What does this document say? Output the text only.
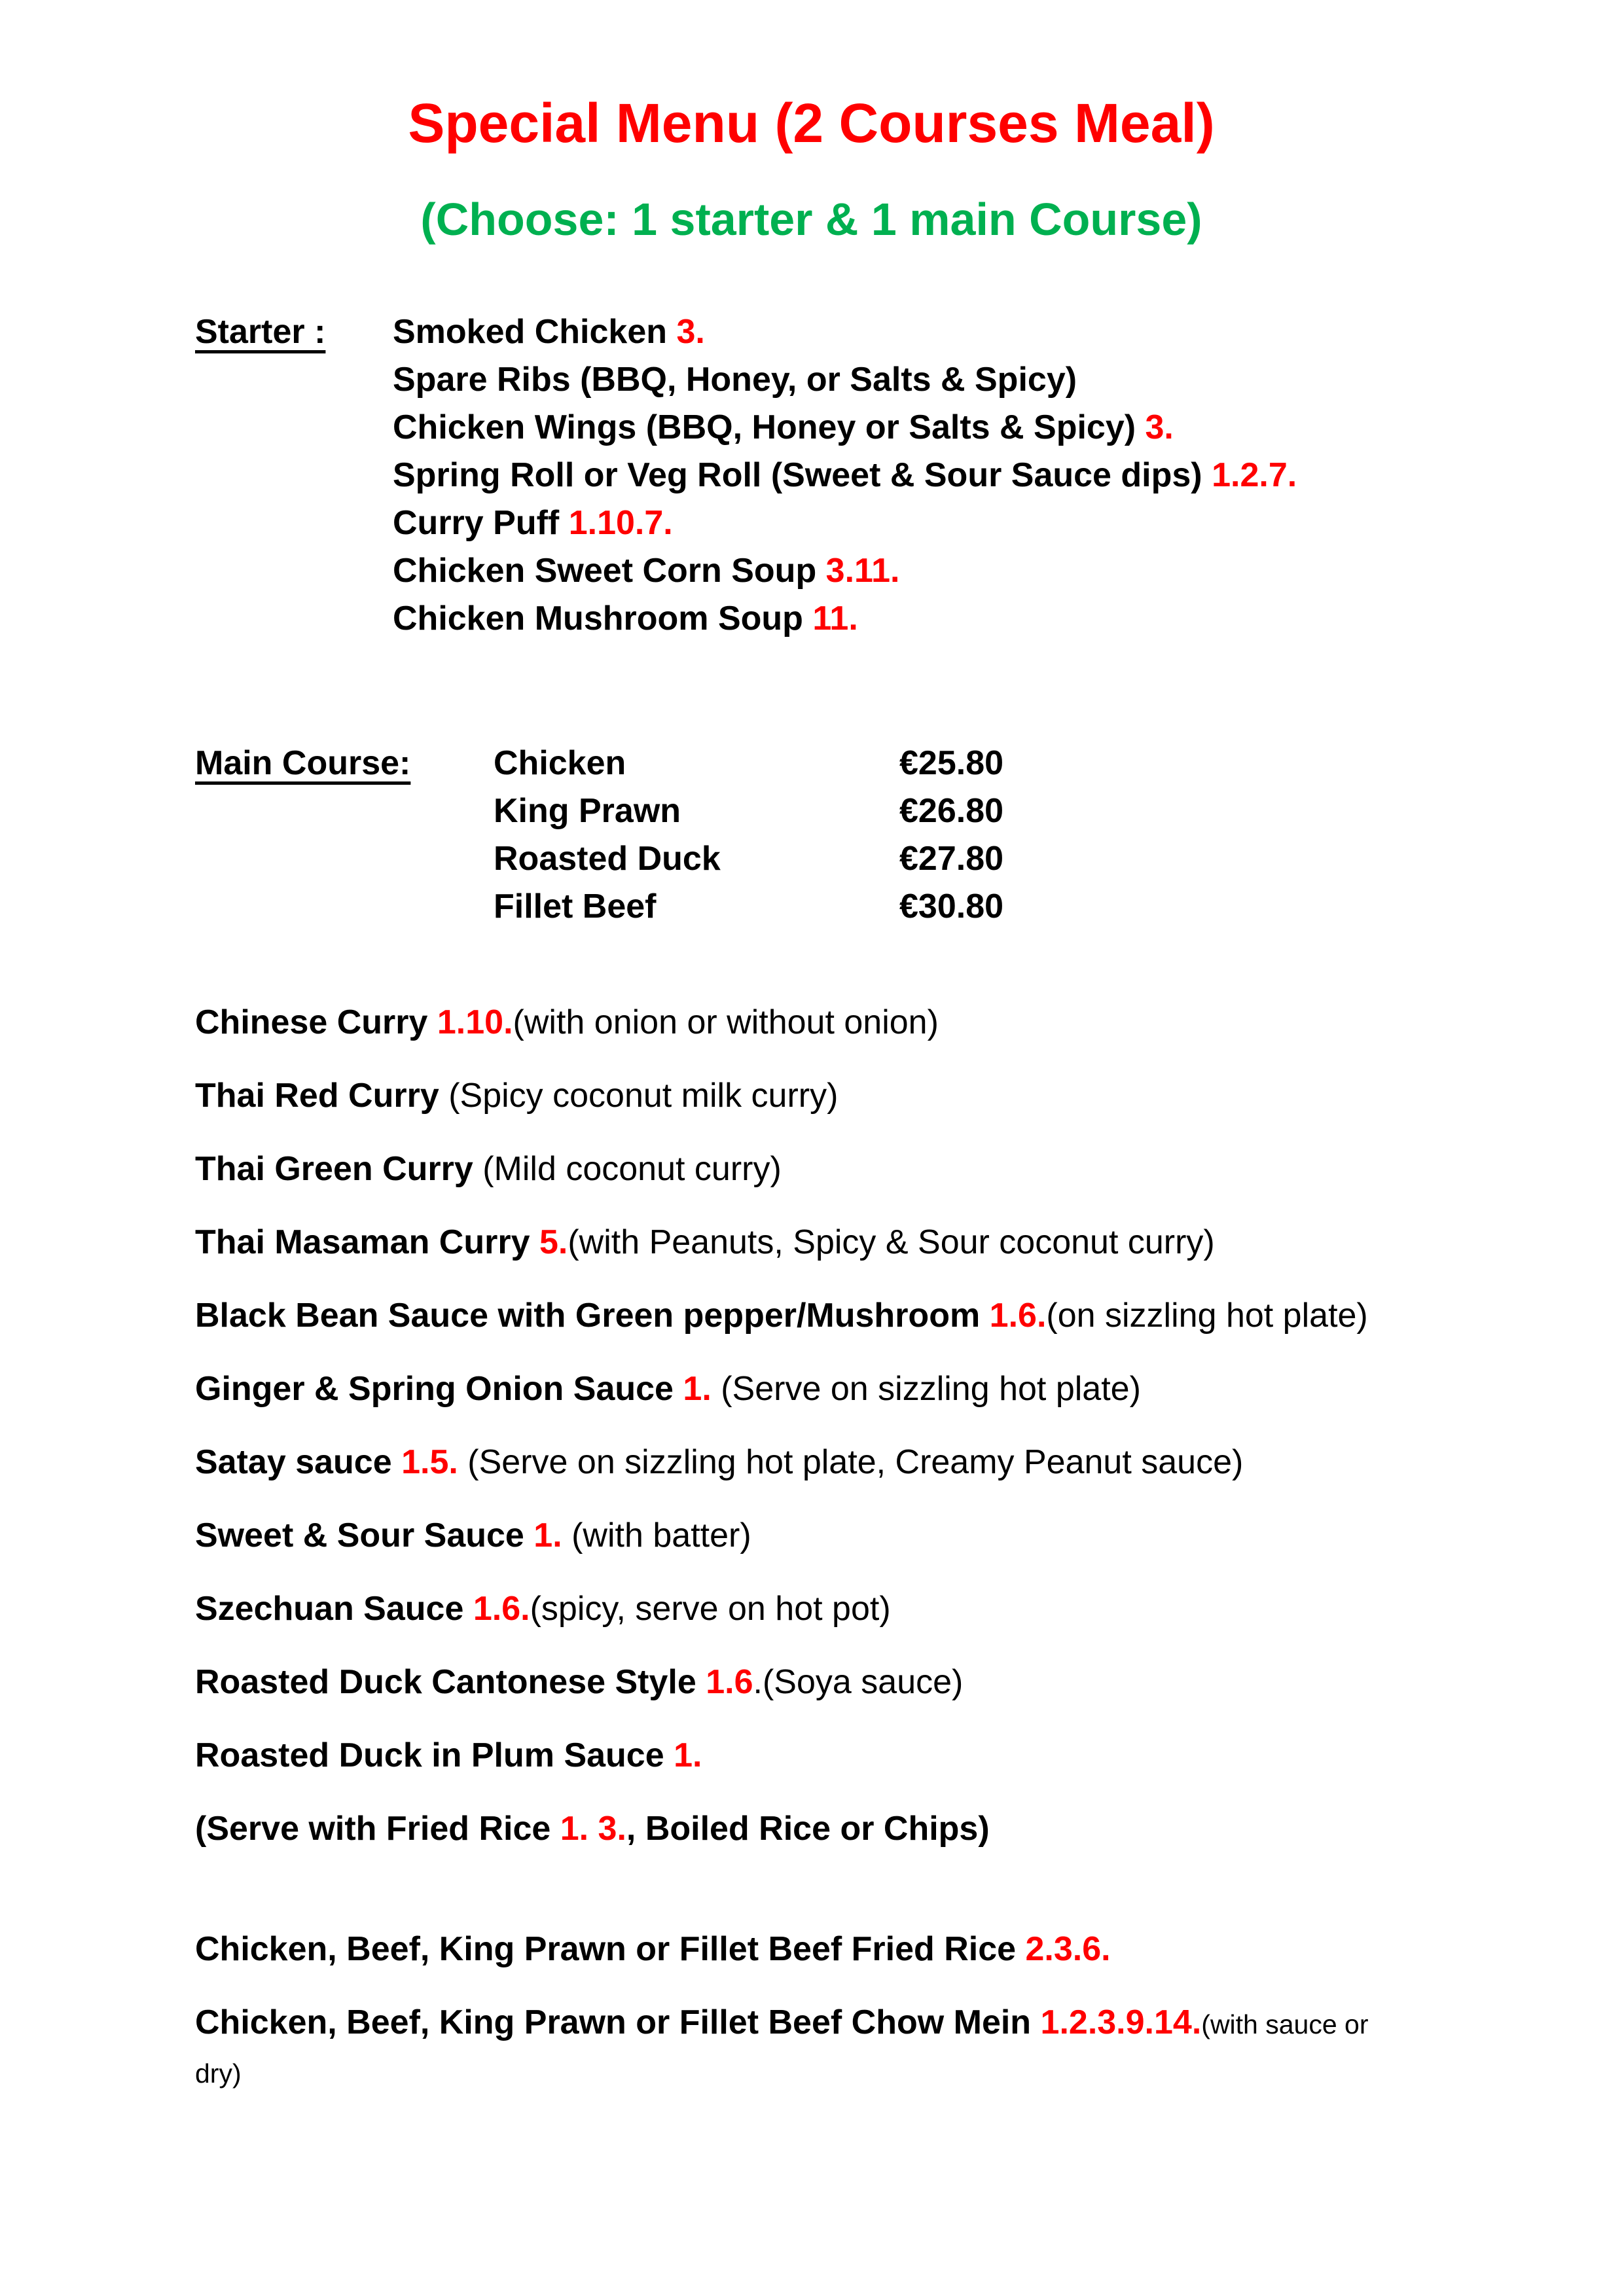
Special Menu (2 Courses Meal)
(Choose: 1 starter & 1 main Course)
Starter :	Smoked Chicken 3.
Spare Ribs (BBQ, Honey, or Salts & Spicy)
Chicken Wings (BBQ, Honey or Salts & Spicy) 3.
Spring Roll or Veg Roll (Sweet & Sour Sauce dips) 1.2.7.
Curry Puff 1.10.7.
Chicken Sweet Corn Soup 3.11.
Chicken Mushroom Soup 11.
Main Course:	Chicken	€25.80
King Prawn	€26.80
Roasted Duck	€27.80
Fillet Beef	€30.80

Chinese Curry 1.10.(with onion or without onion)

Thai Red Curry (Spicy coconut milk curry)

Thai Green Curry (Mild coconut curry)

Thai Masaman Curry 5.(with Peanuts, Spicy & Sour coconut curry)

Black Bean Sauce with Green pepper/Mushroom 1.6.(on sizzling hot plate)

Ginger & Spring Onion Sauce 1. (Serve on sizzling hot plate)

Satay sauce 1.5. (Serve on sizzling hot plate, Creamy Peanut sauce)

Sweet & Sour Sauce 1. (with batter)

Szechuan Sauce 1.6.(spicy, serve on hot pot)

Roasted Duck Cantonese Style 1.6.(Soya sauce)

Roasted Duck in Plum Sauce 1.

(Serve with Fried Rice 1. 3., Boiled Rice or Chips)

Chicken, Beef, King Prawn or Fillet Beef Fried Rice 2.3.6.

Chicken, Beef, King Prawn or Fillet Beef Chow Mein 1.2.3.9.14.(with sauce or
dry)
